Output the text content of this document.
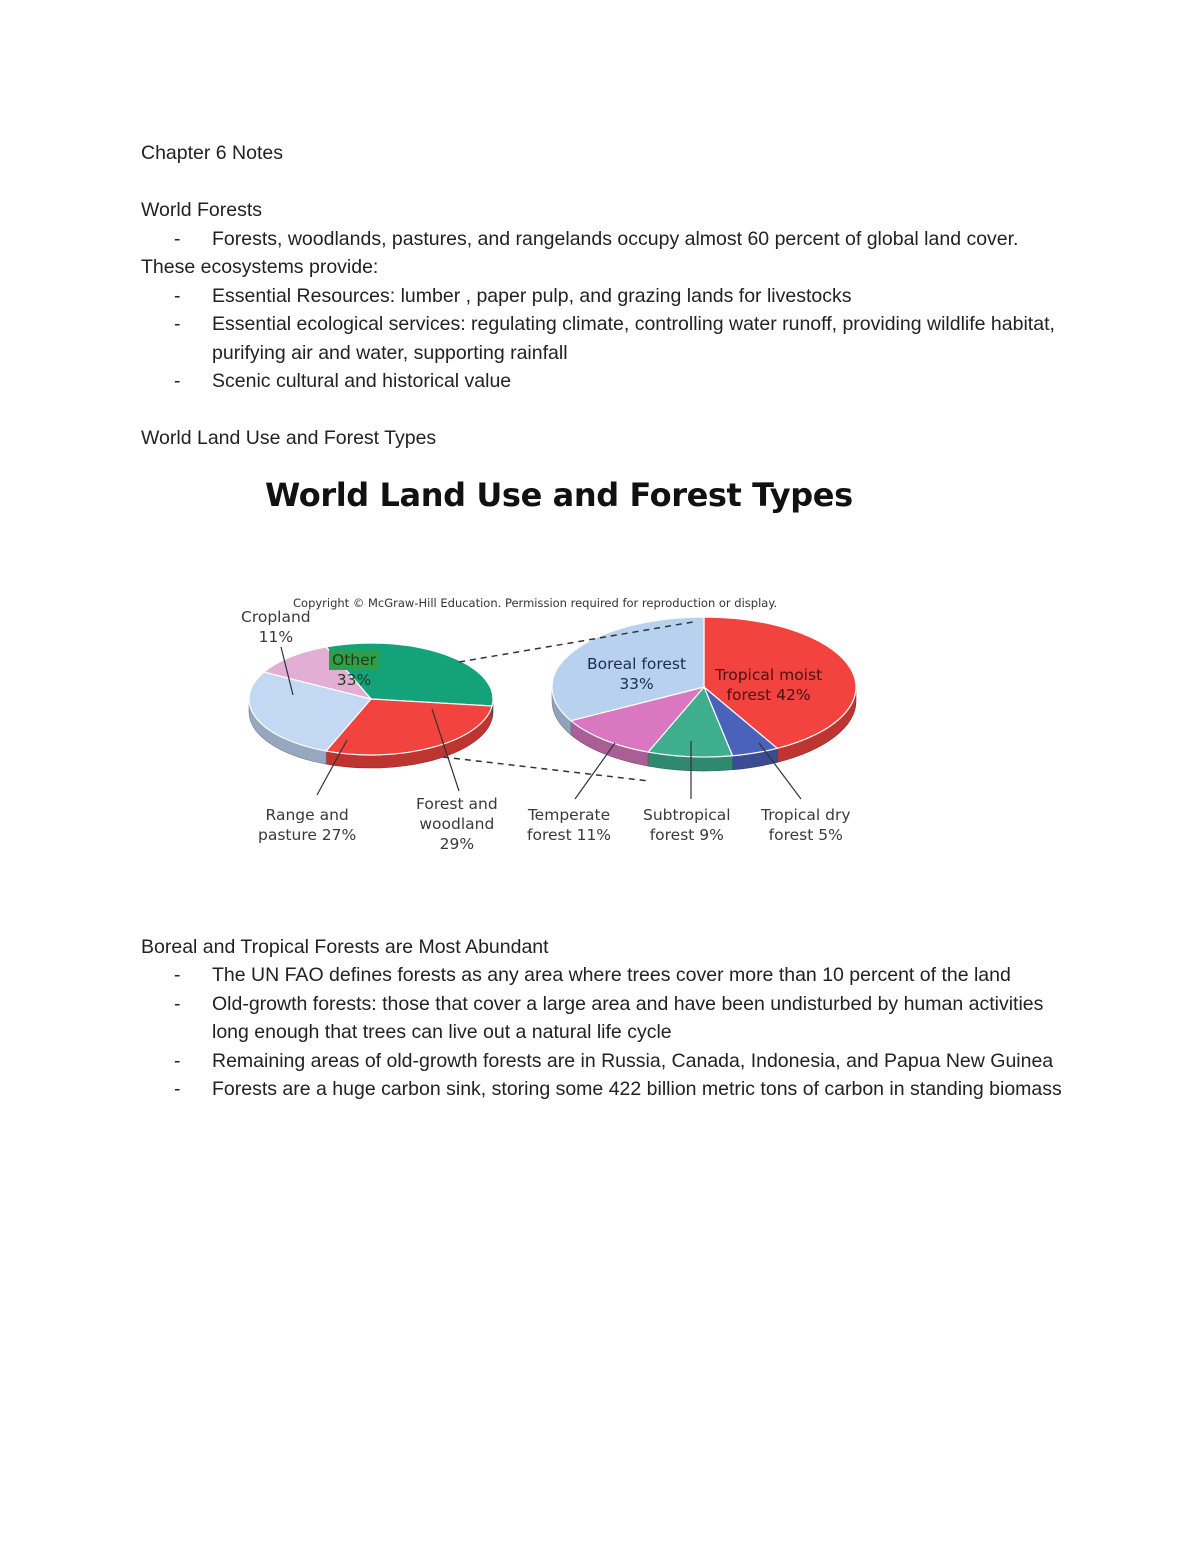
Chapter 6 Notes

World Forests

- Forests, woodlands, pastures, and rangelands occupy almost 60 percent of global land cover.

These ecosystems provide:

- Essential Resources: lumber , paper pulp, and grazing lands for livestocks
- Essential ecological services: regulating climate, controlling water runoff, providing wildlife habitat, purifying air and water, supporting rainfall
- Scenic cultural and historical value

World Land Use and Forest Types

World Land Use and Forest Types
Copyright © McGraw-Hill Education. Permission required for reproduction or display.
Cropland
11%
Other
33%
Range and
pasture 27%
Forest and
woodland
29%
Boreal forest
33%	Tropical moist
forest 42%
Temperate
forest 11%
Subtropical
forest 9%
Tropical dry
forest 5%

Boreal and Tropical Forests are Most Abundant

- The UN FAO defines forests as any area where trees cover more than 10 percent of the land
- Old-growth forests: those that cover a large area and have been undisturbed by human activities long enough that trees can live out a natural life cycle
- Remaining areas of old-growth forests are in Russia, Canada, Indonesia, and Papua New Guinea
- Forests are a huge carbon sink, storing some 422 billion metric tons of carbon in standing biomass
